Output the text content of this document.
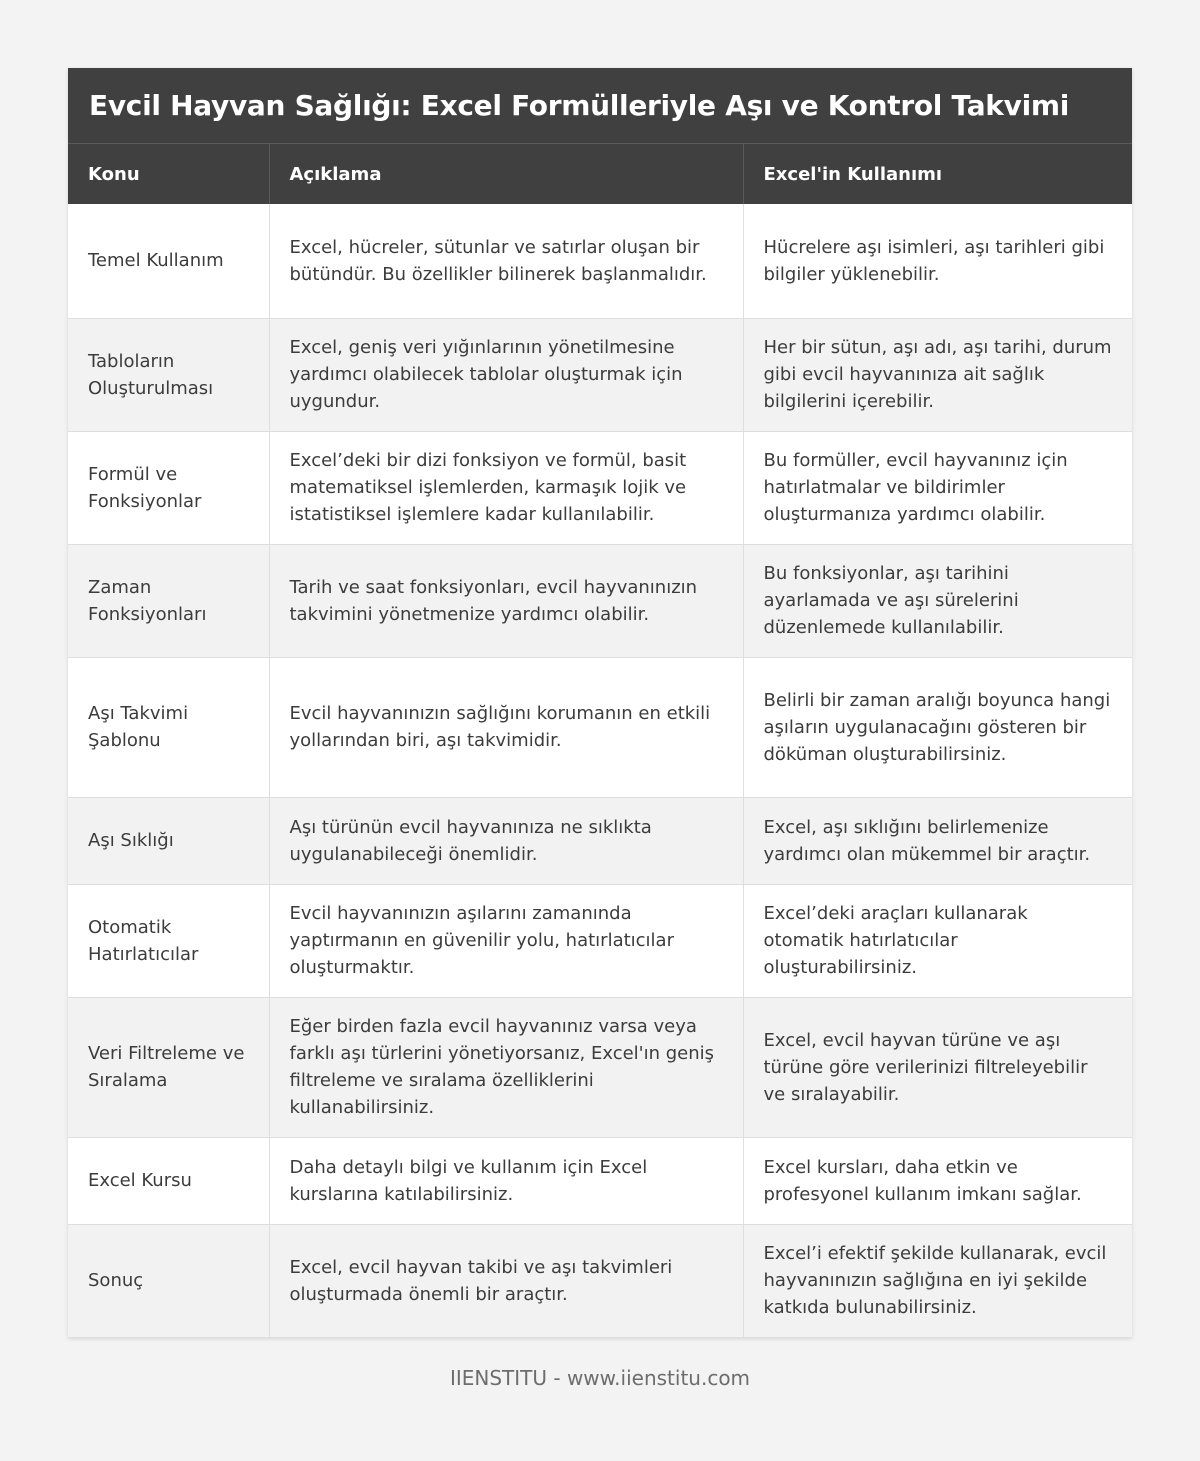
Evcil Hayvan Sağlığı: Excel Formülleriyle Aşı ve Kontrol Takvimi
Konu	Açıklama	Excel'in Kullanımı
Temel Kullanım	Excel, hücreler, sütunlar ve satırlar oluşan bir bütündür. Bu özellikler bilinerek başlanmalıdır.	Hücrelere aşı isimleri, aşı tarihleri gibi bilgiler yüklenebilir.
Tabloların Oluşturulması	Excel, geniş veri yığınlarının yönetilmesine yardımcı olabilecek tablolar oluşturmak için uygundur.	Her bir sütun, aşı adı, aşı tarihi, durum gibi evcil hayvanınıza ait sağlık bilgilerini içerebilir.
Formül ve Fonksiyonlar	Excel’deki bir dizi fonksiyon ve formül, basit matematiksel işlemlerden, karmaşık lojik ve istatistiksel işlemlere kadar kullanılabilir.	Bu formüller, evcil hayvanınız için hatırlatmalar ve bildirimler oluşturmanıza yardımcı olabilir.
Zaman Fonksiyonları	Tarih ve saat fonksiyonları, evcil hayvanınızın takvimini yönetmenize yardımcı olabilir.	Bu fonksiyonlar, aşı tarihini ayarlamada ve aşı sürelerini düzenlemede kullanılabilir.
Aşı Takvimi Şablonu	Evcil hayvanınızın sağlığını korumanın en etkili yollarından biri, aşı takvimidir.	Belirli bir zaman aralığı boyunca hangi aşıların uygulanacağını gösteren bir döküman oluşturabilirsiniz.
Aşı Sıklığı	Aşı türünün evcil hayvanınıza ne sıklıkta uygulanabileceği önemlidir.	Excel, aşı sıklığını belirlemenize yardımcı olan mükemmel bir araçtır.
Otomatik Hatırlatıcılar	Evcil hayvanınızın aşılarını zamanında yaptırmanın en güvenilir yolu, hatırlatıcılar oluşturmaktır.	Excel’deki araçları kullanarak otomatik hatırlatıcılar oluşturabilirsiniz.
Veri Filtreleme ve Sıralama	Eğer birden fazla evcil hayvanınız varsa veya farklı aşı türlerini yönetiyorsanız, Excel'ın geniş filtreleme ve sıralama özelliklerini kullanabilirsiniz.	Excel, evcil hayvan türüne ve aşı türüne göre verilerinizi filtreleyebilir ve sıralayabilir.
Excel Kursu	Daha detaylı bilgi ve kullanım için Excel kurslarına katılabilirsiniz.	Excel kursları, daha etkin ve profesyonel kullanım imkanı sağlar.
Sonuç	Excel, evcil hayvan takibi ve aşı takvimleri oluşturmada önemli bir araçtır.	Excel’i efektif şekilde kullanarak, evcil hayvanınızın sağlığına en iyi şekilde katkıda bulunabilirsiniz.
IIENSTITU - www.iienstitu.com
